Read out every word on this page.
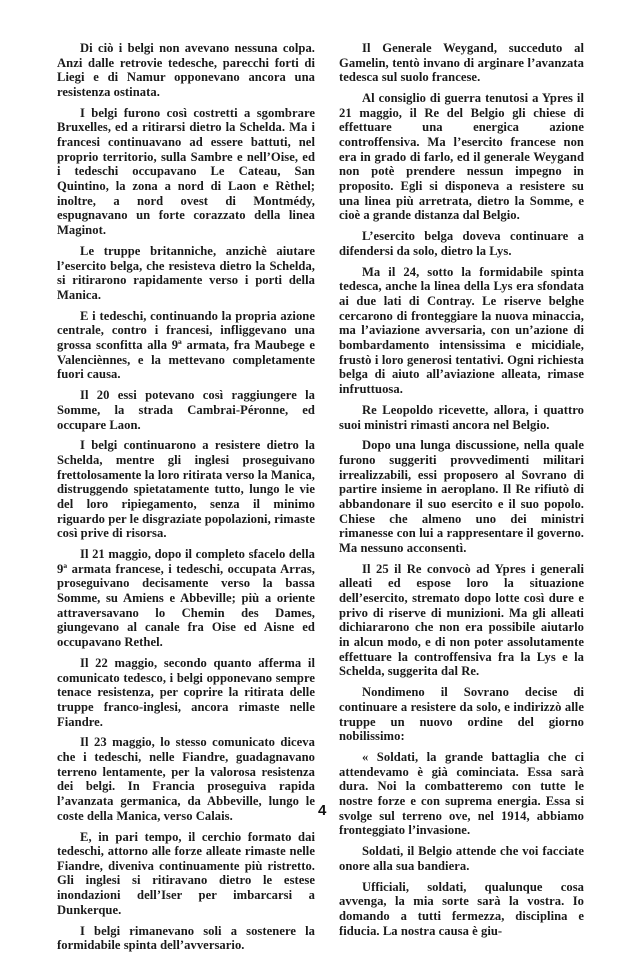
Di ciò i belgi non avevano nessuna colpa. Anzi dalle retrovie tedesche, parecchi forti di Liegi e di Namur opponevano ancora una resistenza ostinata.

I belgi furono così costretti a sgombrare Bruxelles, ed a ritirarsi dietro la Schelda. Ma i francesi continuavano ad essere battuti, nel proprio territorio, sulla Sambre e nell’Oise, ed i tedeschi occupavano Le Cateau, San Quintino, la zona a nord di Laon e Rèthel; inoltre, a nord ovest di Montmédy, espugnavano un forte corazzato della linea Maginot.

Le truppe britanniche, anzichè aiutare l’esercito belga, che resisteva dietro la Schelda, si ritirarono rapidamente verso i porti della Manica.

E i tedeschi, continuando la propria azione centrale, contro i francesi, infliggevano una grossa sconfitta alla 9ª armata, fra Maubege e Valenciènnes, e la mettevano completamente fuori causa.

Il 20 essi potevano così raggiungere la Somme, la strada Cambrai-Péronne, ed occupare Laon.

I belgi continuarono a resistere dietro la Schelda, mentre gli inglesi proseguivano frettolosamente la loro ritirata verso la Manica, distruggendo spietatamente tutto, lungo le vie del loro ripiegamento, senza il minimo riguardo per le disgraziate popolazioni, rimaste così prive di risorsa.

Il 21 maggio, dopo il completo sfacelo della 9ª armata francese, i tedeschi, occupata Arras, proseguivano decisamente verso la bassa Somme, su Amiens e Abbeville; più a oriente attraversavano lo Chemin des Dames, giungevano al canale fra Oise ed Aisne ed occupavano Rethel.

Il 22 maggio, secondo quanto afferma il comunicato tedesco, i belgi opponevano sempre tenace resistenza, per coprire la ritirata delle truppe franco-inglesi, ancora rimaste nelle Fiandre.

Il 23 maggio, lo stesso comunicato diceva che i tedeschi, nelle Fiandre, guadagnavano terreno lentamente, per la valorosa resistenza dei belgi. In Francia proseguiva rapida l’avanzata germanica, da Abbeville, lungo le coste della Manica, verso Calais.

E, in pari tempo, il cerchio formato dai tedeschi, attorno alle forze alleate rimaste nelle Fiandre, diveniva continuamente più ristretto. Gli inglesi si ritiravano dietro le estese inondazioni dell’Iser per imbarcarsi a Dunkerque.

I belgi rimanevano soli a sostenere la formidabile spinta dell’avversario.

Il Generale Weygand, succeduto al Gamelin, tentò invano di arginare l’avanzata tedesca sul suolo francese.

Al consiglio di guerra tenutosi a Ypres il 21 maggio, il Re del Belgio gli chiese di effettuare una energica azione controffensiva. Ma l’esercito francese non era in grado di farlo, ed il generale Weygand non potè prendere nessun impegno in proposito. Egli si disponeva a resistere su una linea più arretrata, dietro la Somme, e cioè a grande distanza dal Belgio.

L’esercito belga doveva continuare a difendersi da solo, dietro la Lys.

Ma il 24, sotto la formidabile spinta tedesca, anche la linea della Lys era sfondata ai due lati di Contray. Le riserve belghe cercarono di fronteggiare la nuova minaccia, ma l’aviazione avversaria, con un’azione di bombardamento intensissima e micidiale, frustò i loro generosi tentativi. Ogni richiesta belga di aiuto all’aviazione alleata, rimase infruttuosa.

Re Leopoldo ricevette, allora, i quattro suoi ministri rimasti ancora nel Belgio.

Dopo una lunga discussione, nella quale furono suggeriti provvedimenti militari irrealizzabili, essi proposero al Sovrano di partire insieme in aeroplano. Il Re rifiutò di abbandonare il suo esercito e il suo popolo. Chiese che almeno uno dei ministri rimanesse con lui a rappresentare il governo. Ma nessuno acconsentì.

Il 25 il Re convocò ad Ypres i generali alleati ed espose loro la situazione dell’esercito, stremato dopo lotte così dure e privo di riserve di munizioni. Ma gli alleati dichiararono che non era possibile aiutarlo in alcun modo, e di non poter assolutamente effettuare la controffensiva fra la Lys e la Schelda, suggerita dal Re.

Nondimeno il Sovrano decise di continuare a resistere da solo, e indirizzò alle truppe un nuovo ordine del giorno nobilissimo:

« Soldati, la grande battaglia che ci attendevamo è già cominciata. Essa sarà dura. Noi la combatteremo con tutte le nostre forze e con suprema energia. Essa si svolge sul terreno ove, nel 1914, abbiamo fronteggiato l’invasione.

Soldati, il Belgio attende che voi facciate onore alla sua bandiera.

Ufficiali, soldati, qualunque cosa avvenga, la mia sorte sarà la vostra. Io domando a tutti fermezza, disciplina e fiducia. La nostra causa è giu-

4
